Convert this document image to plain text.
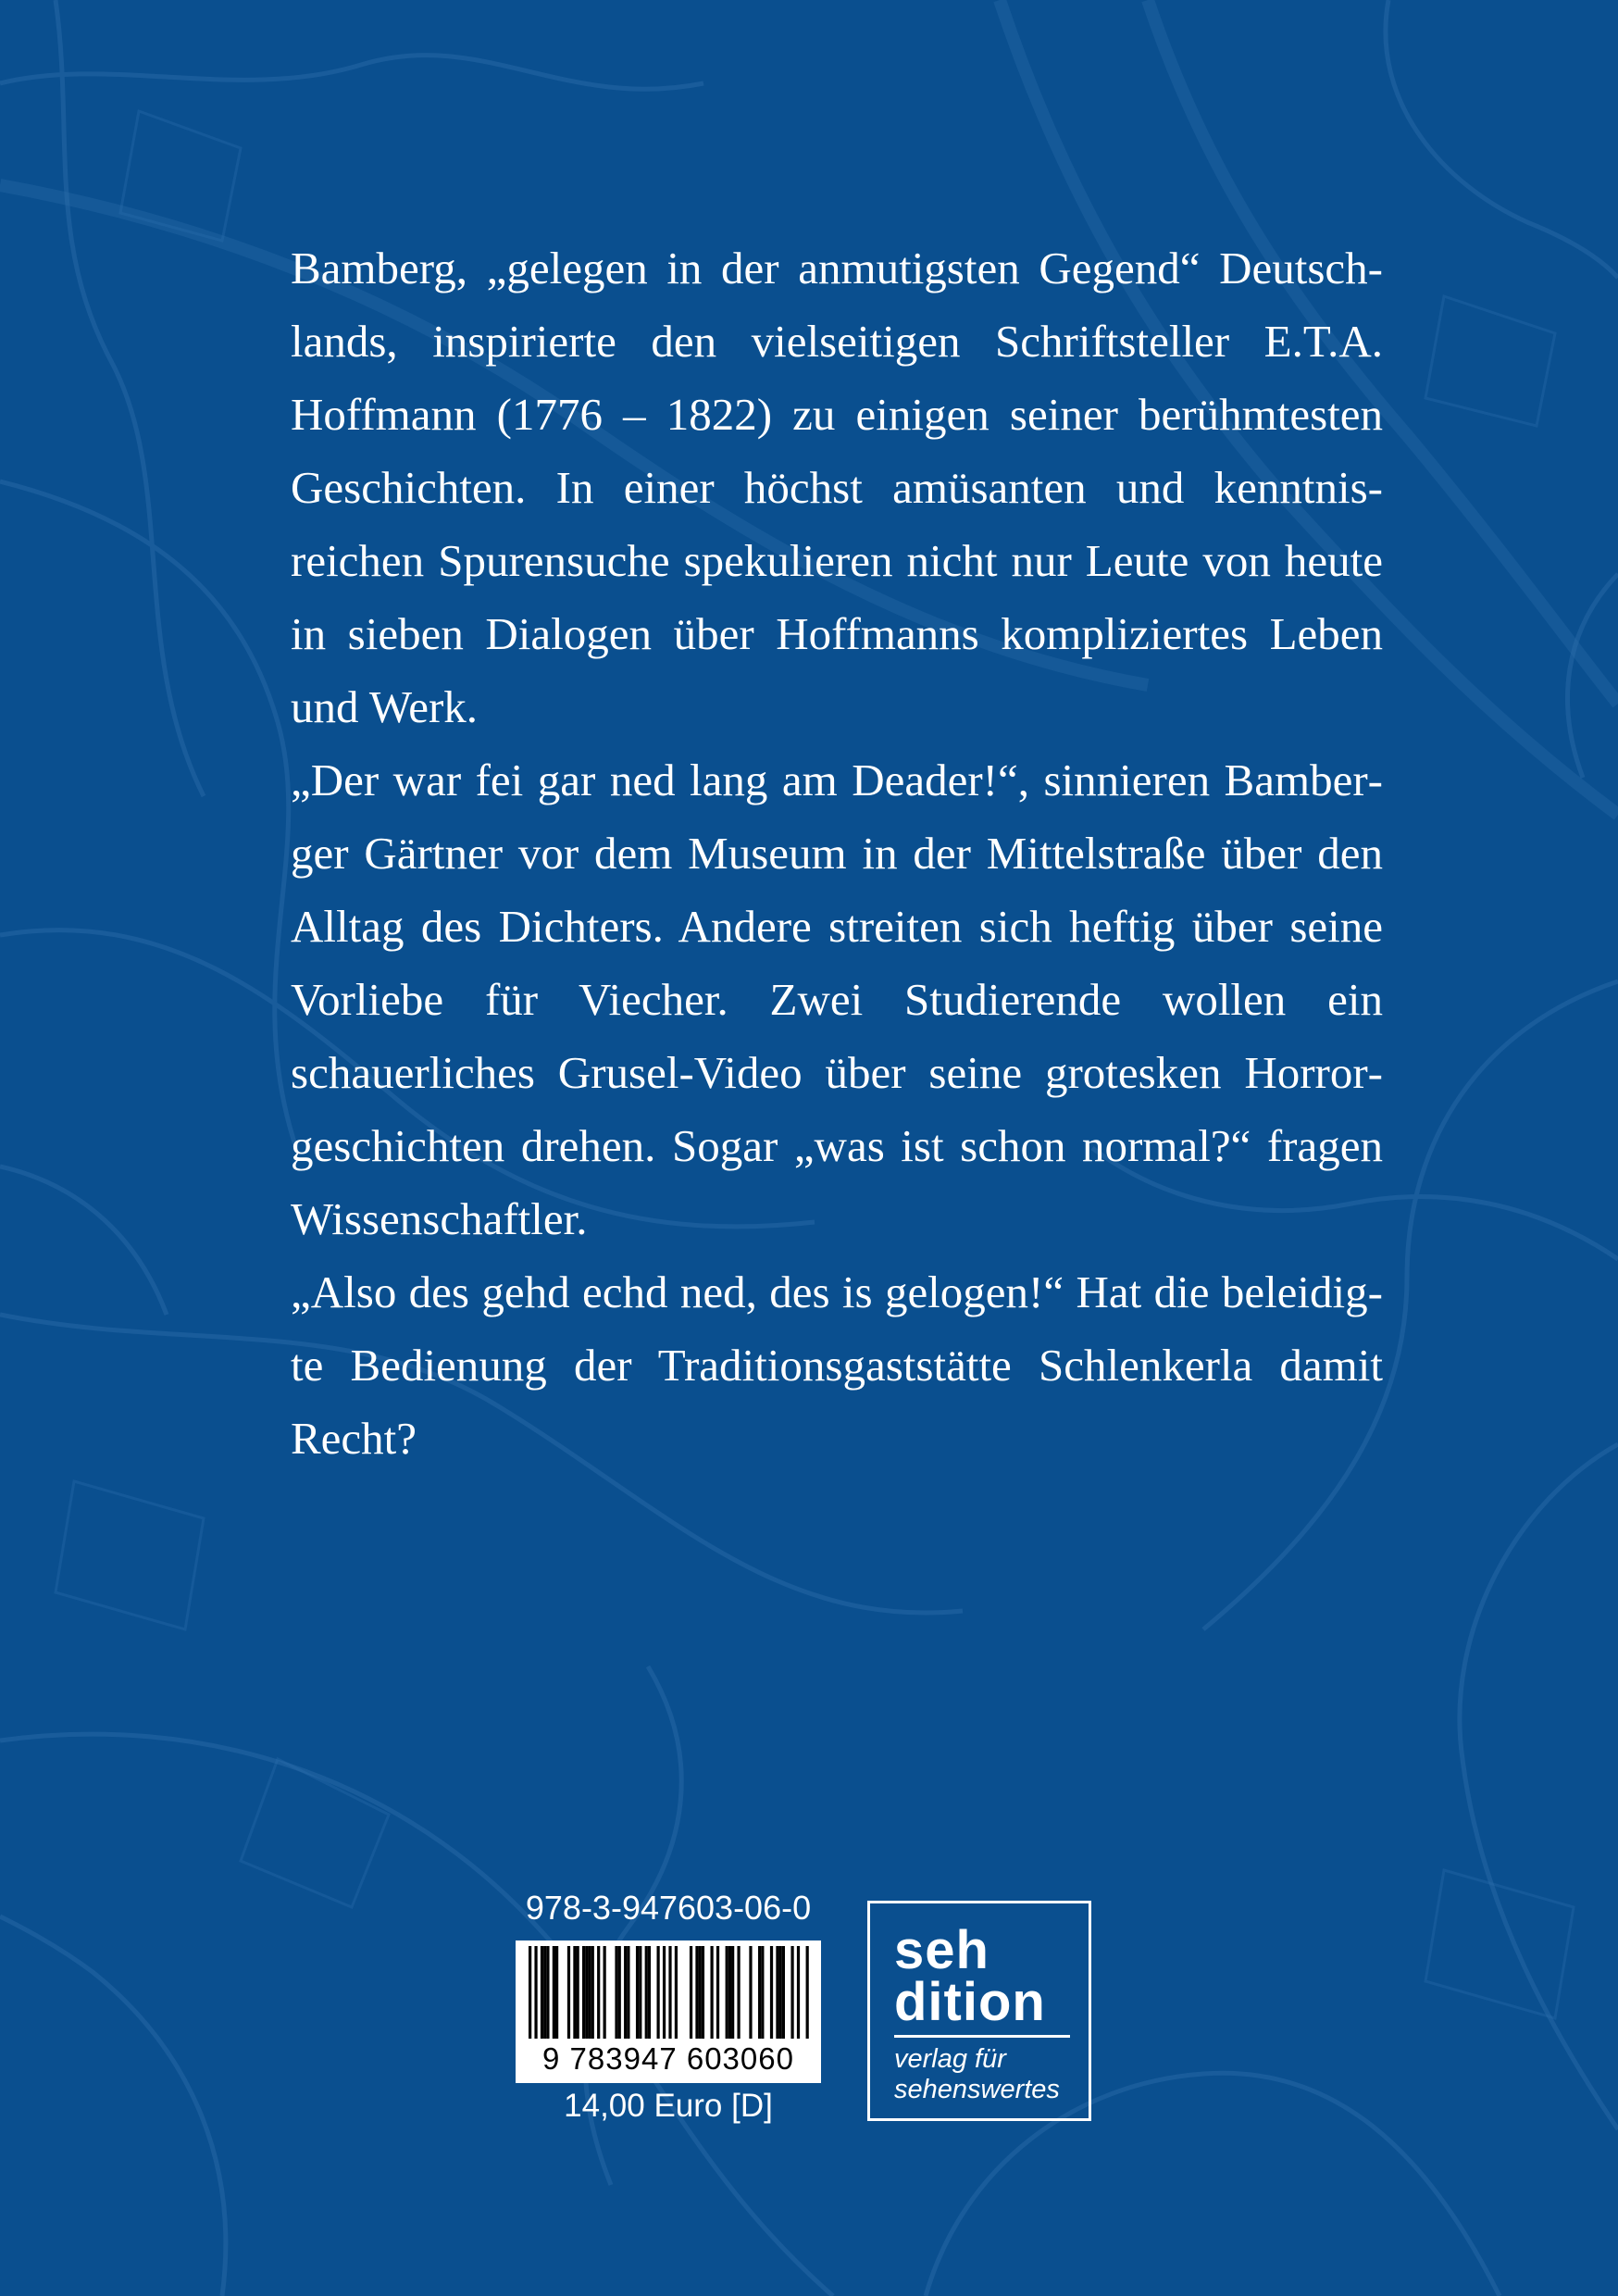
Bamberg, „gelegen in der anmutigsten Gegend“ Deutschlands, inspirierte den vielseitigen Schriftsteller E.T.A. Hoffmann (1776 – 1822) zu einigen seiner berühmtesten Geschichten. In einer höchst amüsanten und kenntnisreichen Spurensuche spekulieren nicht nur Leute von heute in sieben Dialogen über Hoffmanns kompliziertes Leben und Werk.

„Der war fei gar ned lang am Deader!“, sinnieren Bamberger Gärtner vor dem Museum in der Mittelstraße über den Alltag des Dichters. Andere streiten sich heftig über seine Vorliebe für Viecher. Zwei Studierende wollen ein schauerliches Grusel-Video über seine grotesken Horrorgeschichten drehen. Sogar „was ist schon normal?“ fragen Wissenschaftler.

„Also des gehd echd ned, des is gelogen!“ Hat die beleidigte Bedienung der Traditionsgaststätte Schlenkerla damit Recht?

978-3-947603-06-0
9 783947 603060
14,00 Euro [D]
seh
dition
verlag für
sehenswertes
